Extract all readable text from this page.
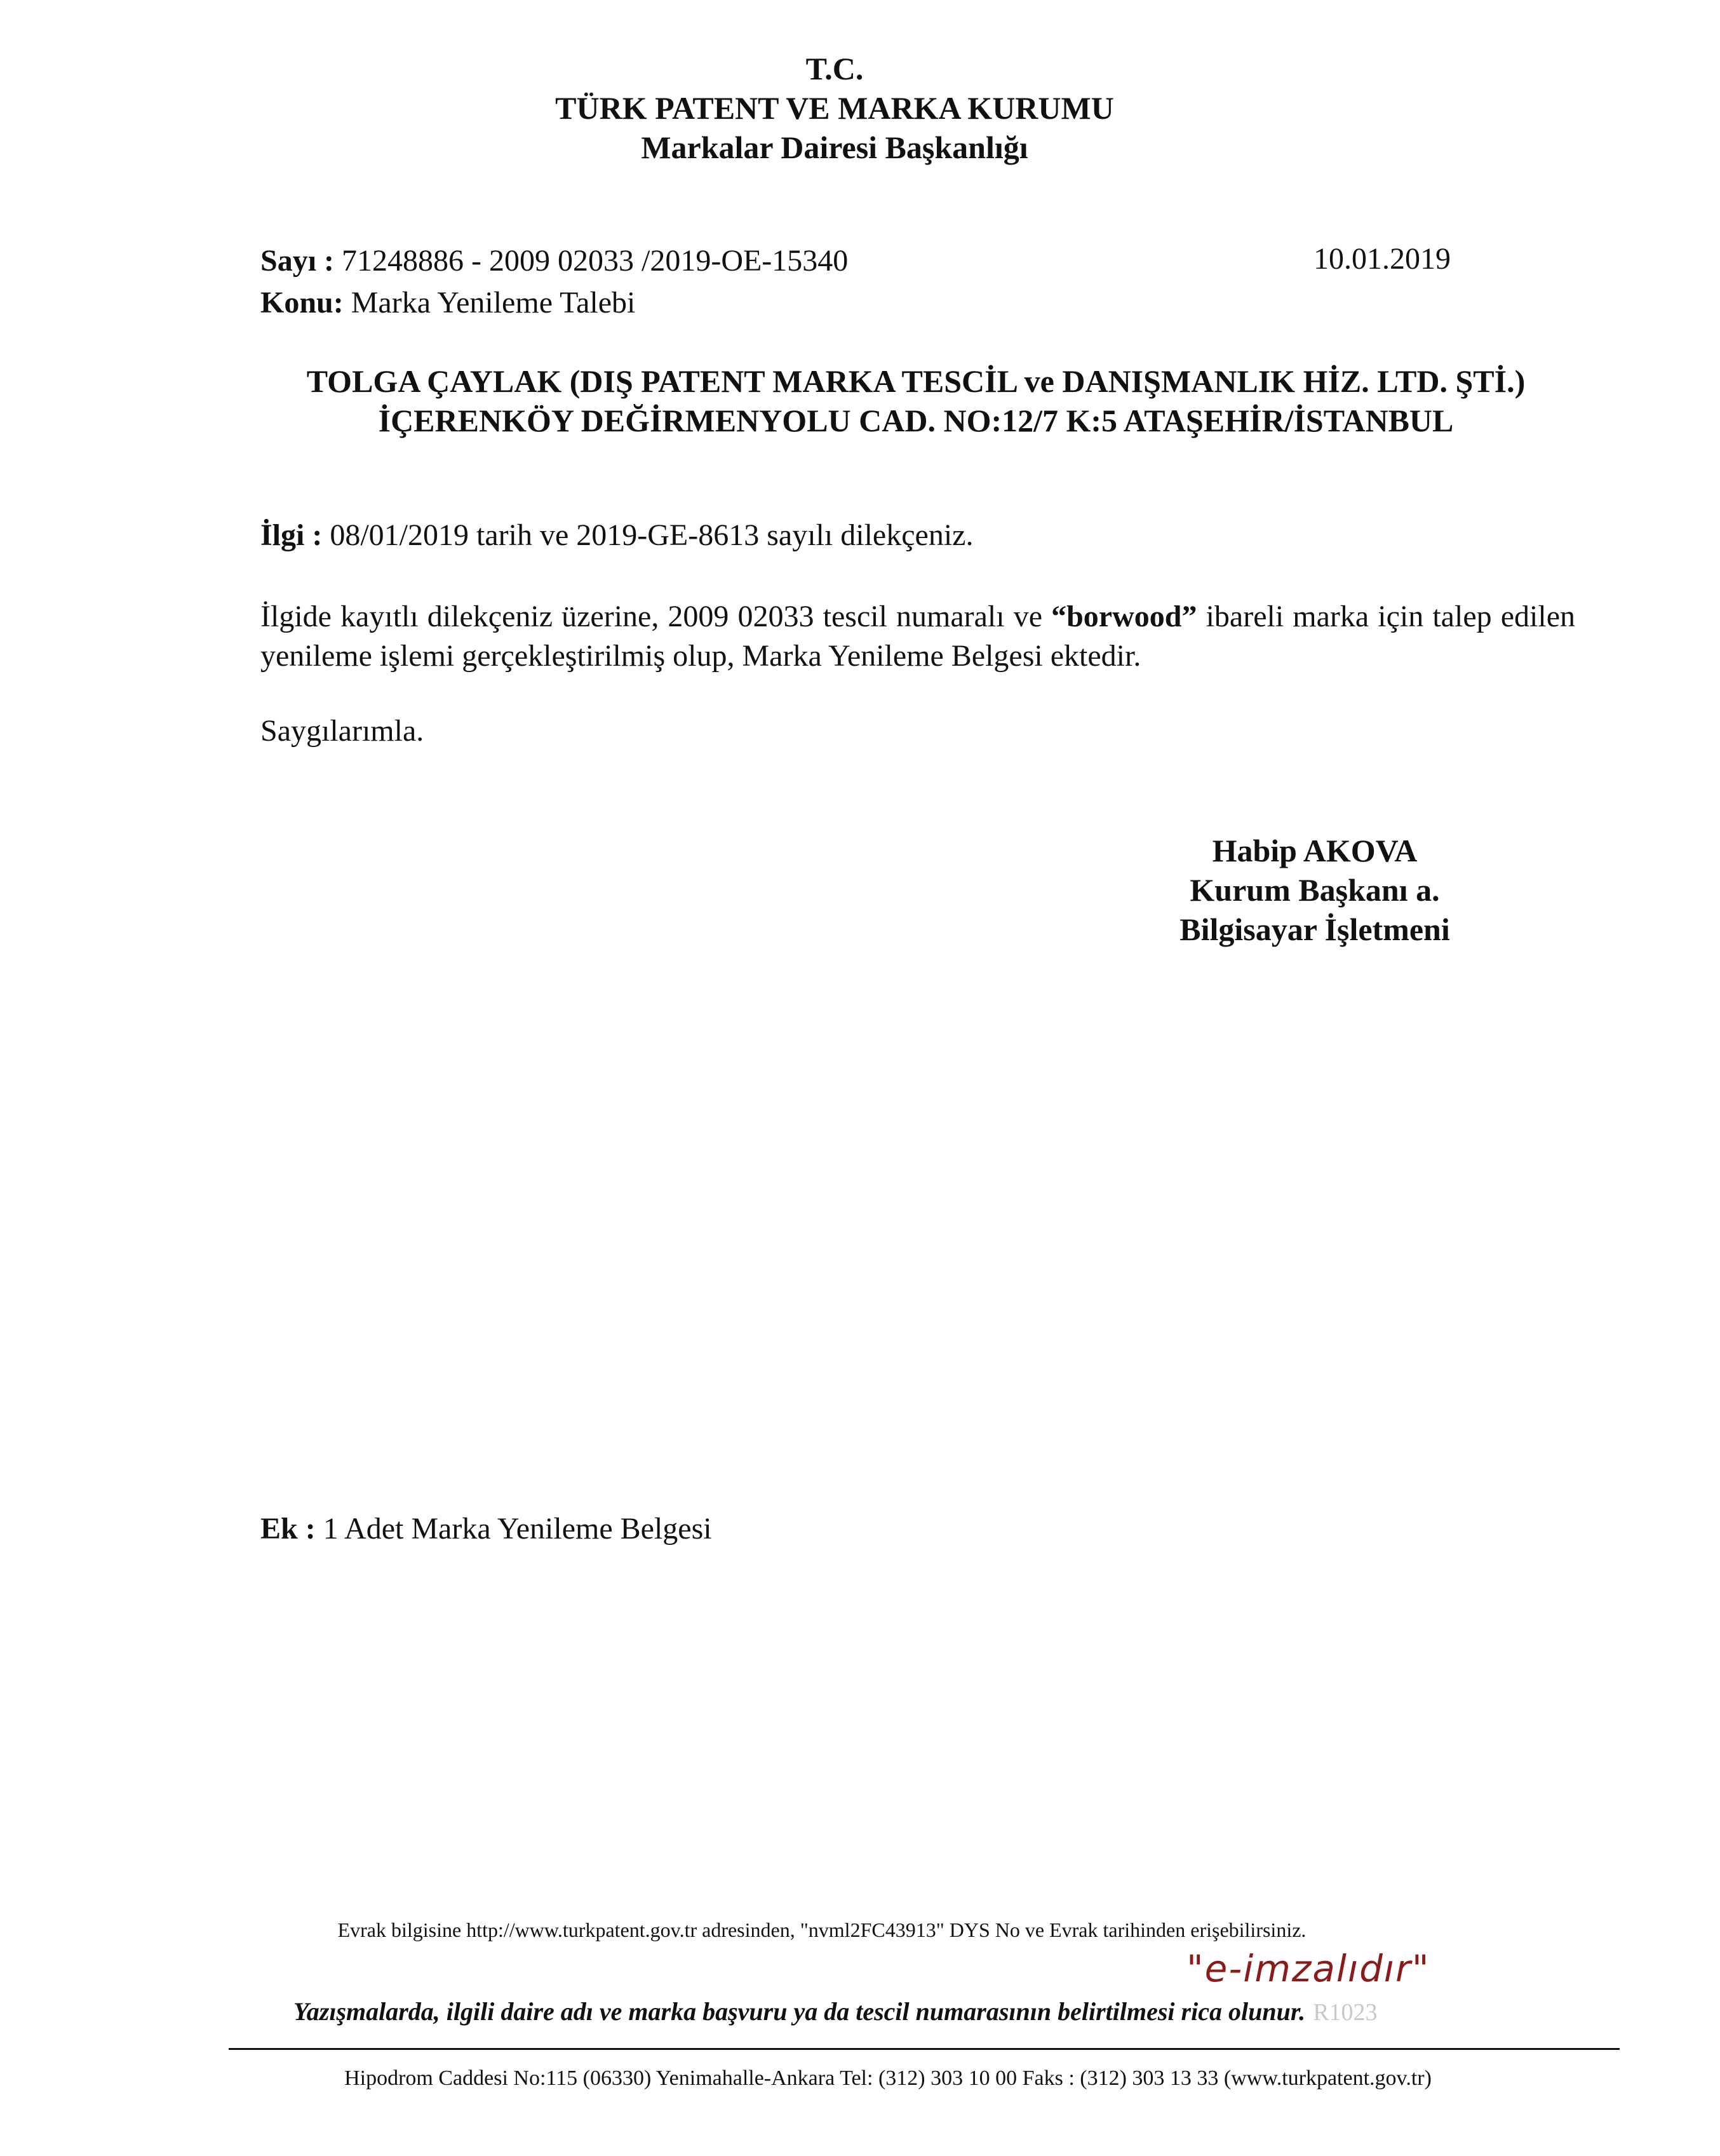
T.C.
TÜRK PATENT VE MARKA KURUMU
Markalar Dairesi Başkanlığı
Sayı : 71248886 - 2009 02033 /2019-OE-15340	10.01.2019
Konu: Marka Yenileme Talebi
TOLGA ÇAYLAK (DIŞ PATENT MARKA TESCİL ve DANIŞMANLIK HİZ. LTD. ŞTİ.)
İÇERENKÖY DEĞİRMENYOLU CAD. NO:12/7 K:5 ATAŞEHİR/İSTANBUL
İlgi : 08/01/2019 tarih ve 2019-GE-8613 sayılı dilekçeniz.
İlgide kayıtlı dilekçeniz üzerine, 2009 02033 tescil numaralı ve “borwood” ibareli marka için talep edilen yenileme işlemi gerçekleştirilmiş olup, Marka Yenileme Belgesi ektedir.
Saygılarımla.
Habip AKOVA
Kurum Başkanı a.
Bilgisayar İşletmeni
Ek : 1 Adet Marka Yenileme Belgesi
Evrak bilgisine http://www.turkpatent.gov.tr adresinden, "nvml2FC43913" DYS No ve Evrak tarihinden erişebilirsiniz.
"e-imzalıdır"
Yazışmalarda, ilgili daire adı ve marka başvuru ya da tescil numarasının belirtilmesi rica olunur. R1023
Hipodrom Caddesi No:115 (06330) Yenimahalle-Ankara Tel: (312) 303 10 00 Faks : (312) 303 13 33 (www.turkpatent.gov.tr)
